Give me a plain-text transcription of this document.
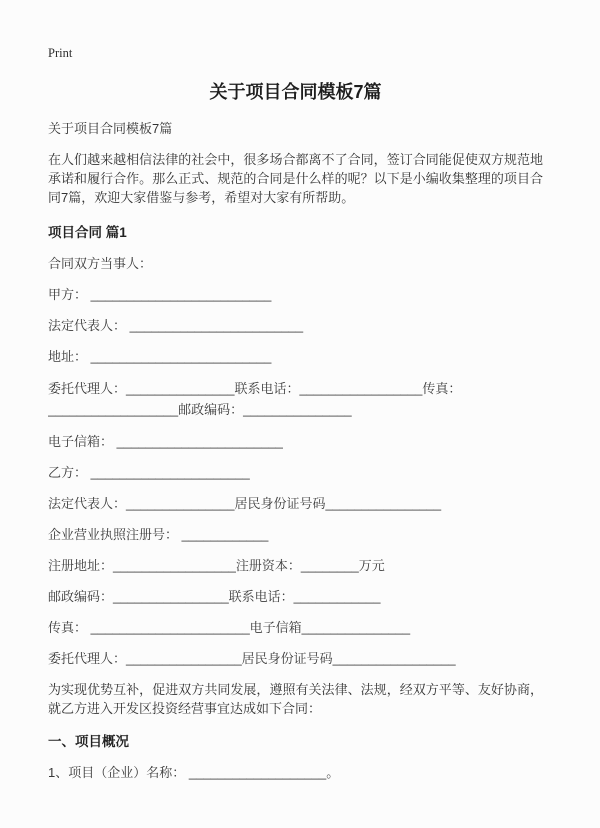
Print
关于项目合同模板7篇
关于项目合同模板7篇
在人们越来越相信法律的社会中，很多场合都离不了合同，签订合同能促使双方规范地承诺和履行合作。那么正式、规范的合同是什么样的呢？以下是小编收集整理的项目合同7篇，欢迎大家借鉴与参考，希望对大家有所帮助。
项目合同 篇1
合同双方当事人：
甲方： _________________________
法定代表人： ________________________
地址： _________________________
委托代理人：_______________联系电话：_________________传真：
__________________邮政编码：_______________
电子信箱： _______________________
乙方： ______________________
法定代表人：_______________居民身份证号码________________
企业营业执照注册号： ____________
注册地址：_________________注册资本：________万元
邮政编码：________________联系电话：____________
传真： ______________________电子信箱_______________
委托代理人：________________居民身份证号码_________________
为实现优势互补，促进双方共同发展，遵照有关法律、法规，经双方平等、友好协商，就乙方进入开发区投资经营事宜达成如下合同：
一、项目概况
1、项目（企业）名称： ___________________。
